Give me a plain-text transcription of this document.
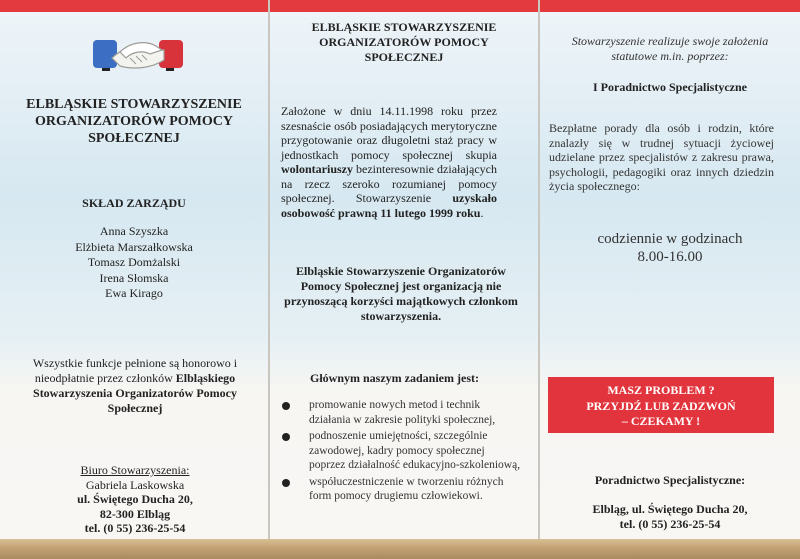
ELBLĄSKIE STOWARZYSZENIE ORGANIZATORÓW POMOCY SPOŁECZNEJ
SKŁAD ZARZĄDU
Anna Szyszka
Elżbieta Marszałkowska
Tomasz Domżalski
Irena Słomska
Ewa Kirago
Wszystkie funkcje pełnione są honorowo i nieodpłatnie przez członków Elbląskiego Stowarzyszenia Organizatorów Pomocy Społecznej
Biuro Stowarzyszenia:
Gabriela Laskowska
ul. Świętego Ducha 20,
82-300 Elbląg
tel. (0 55) 236-25-54
ELBLĄSKIE STOWARZYSZENIE ORGANIZATORÓW POMOCY SPOŁECZNEJ
Założone w dniu 14.11.1998 roku przez szesnaście osób posiadających merytoryczne przygotowanie oraz długoletni staż pracy w jednostkach pomocy społecznej skupia wolontariuszy bezinteresownie działających na rzecz szeroko rozumianej pomocy społecznej. Stowarzyszenie uzyskało osobowość prawną 11 lutego 1999 roku.
Elbląskie Stowarzyszenie Organizatorów Pomocy Społecznej jest organizacją nie przynoszącą korzyści majątkowych członkom stowarzyszenia.
Głównym naszym zadaniem jest:
promowanie nowych metod i technik działania w zakresie polityki społecznej,
podnoszenie umiejętności, szczególnie zawodowej, kadry pomocy społecznej poprzez działalność edukacyjno-szkoleniową,
współuczestniczenie w tworzeniu różnych form pomocy drugiemu człowiekowi.
Stowarzyszenie realizuje swoje założenia statutowe m.in. poprzez:
I Poradnictwo Specjalistyczne
Bezpłatne porady dla osób i rodzin, które znalazły się w trudnej sytuacji życiowej udzielane przez specjalistów z zakresu prawa, psychologii, pedagogiki oraz innych dziedzin życia społecznego:
codziennie w godzinach
8.00-16.00
MASZ PROBLEM ?
PRZYJDŹ LUB ZADZWOŃ
– CZEKAMY !
Poradnictwo Specjalistyczne:
Elbląg, ul. Świętego Ducha 20,
tel. (0 55) 236-25-54
